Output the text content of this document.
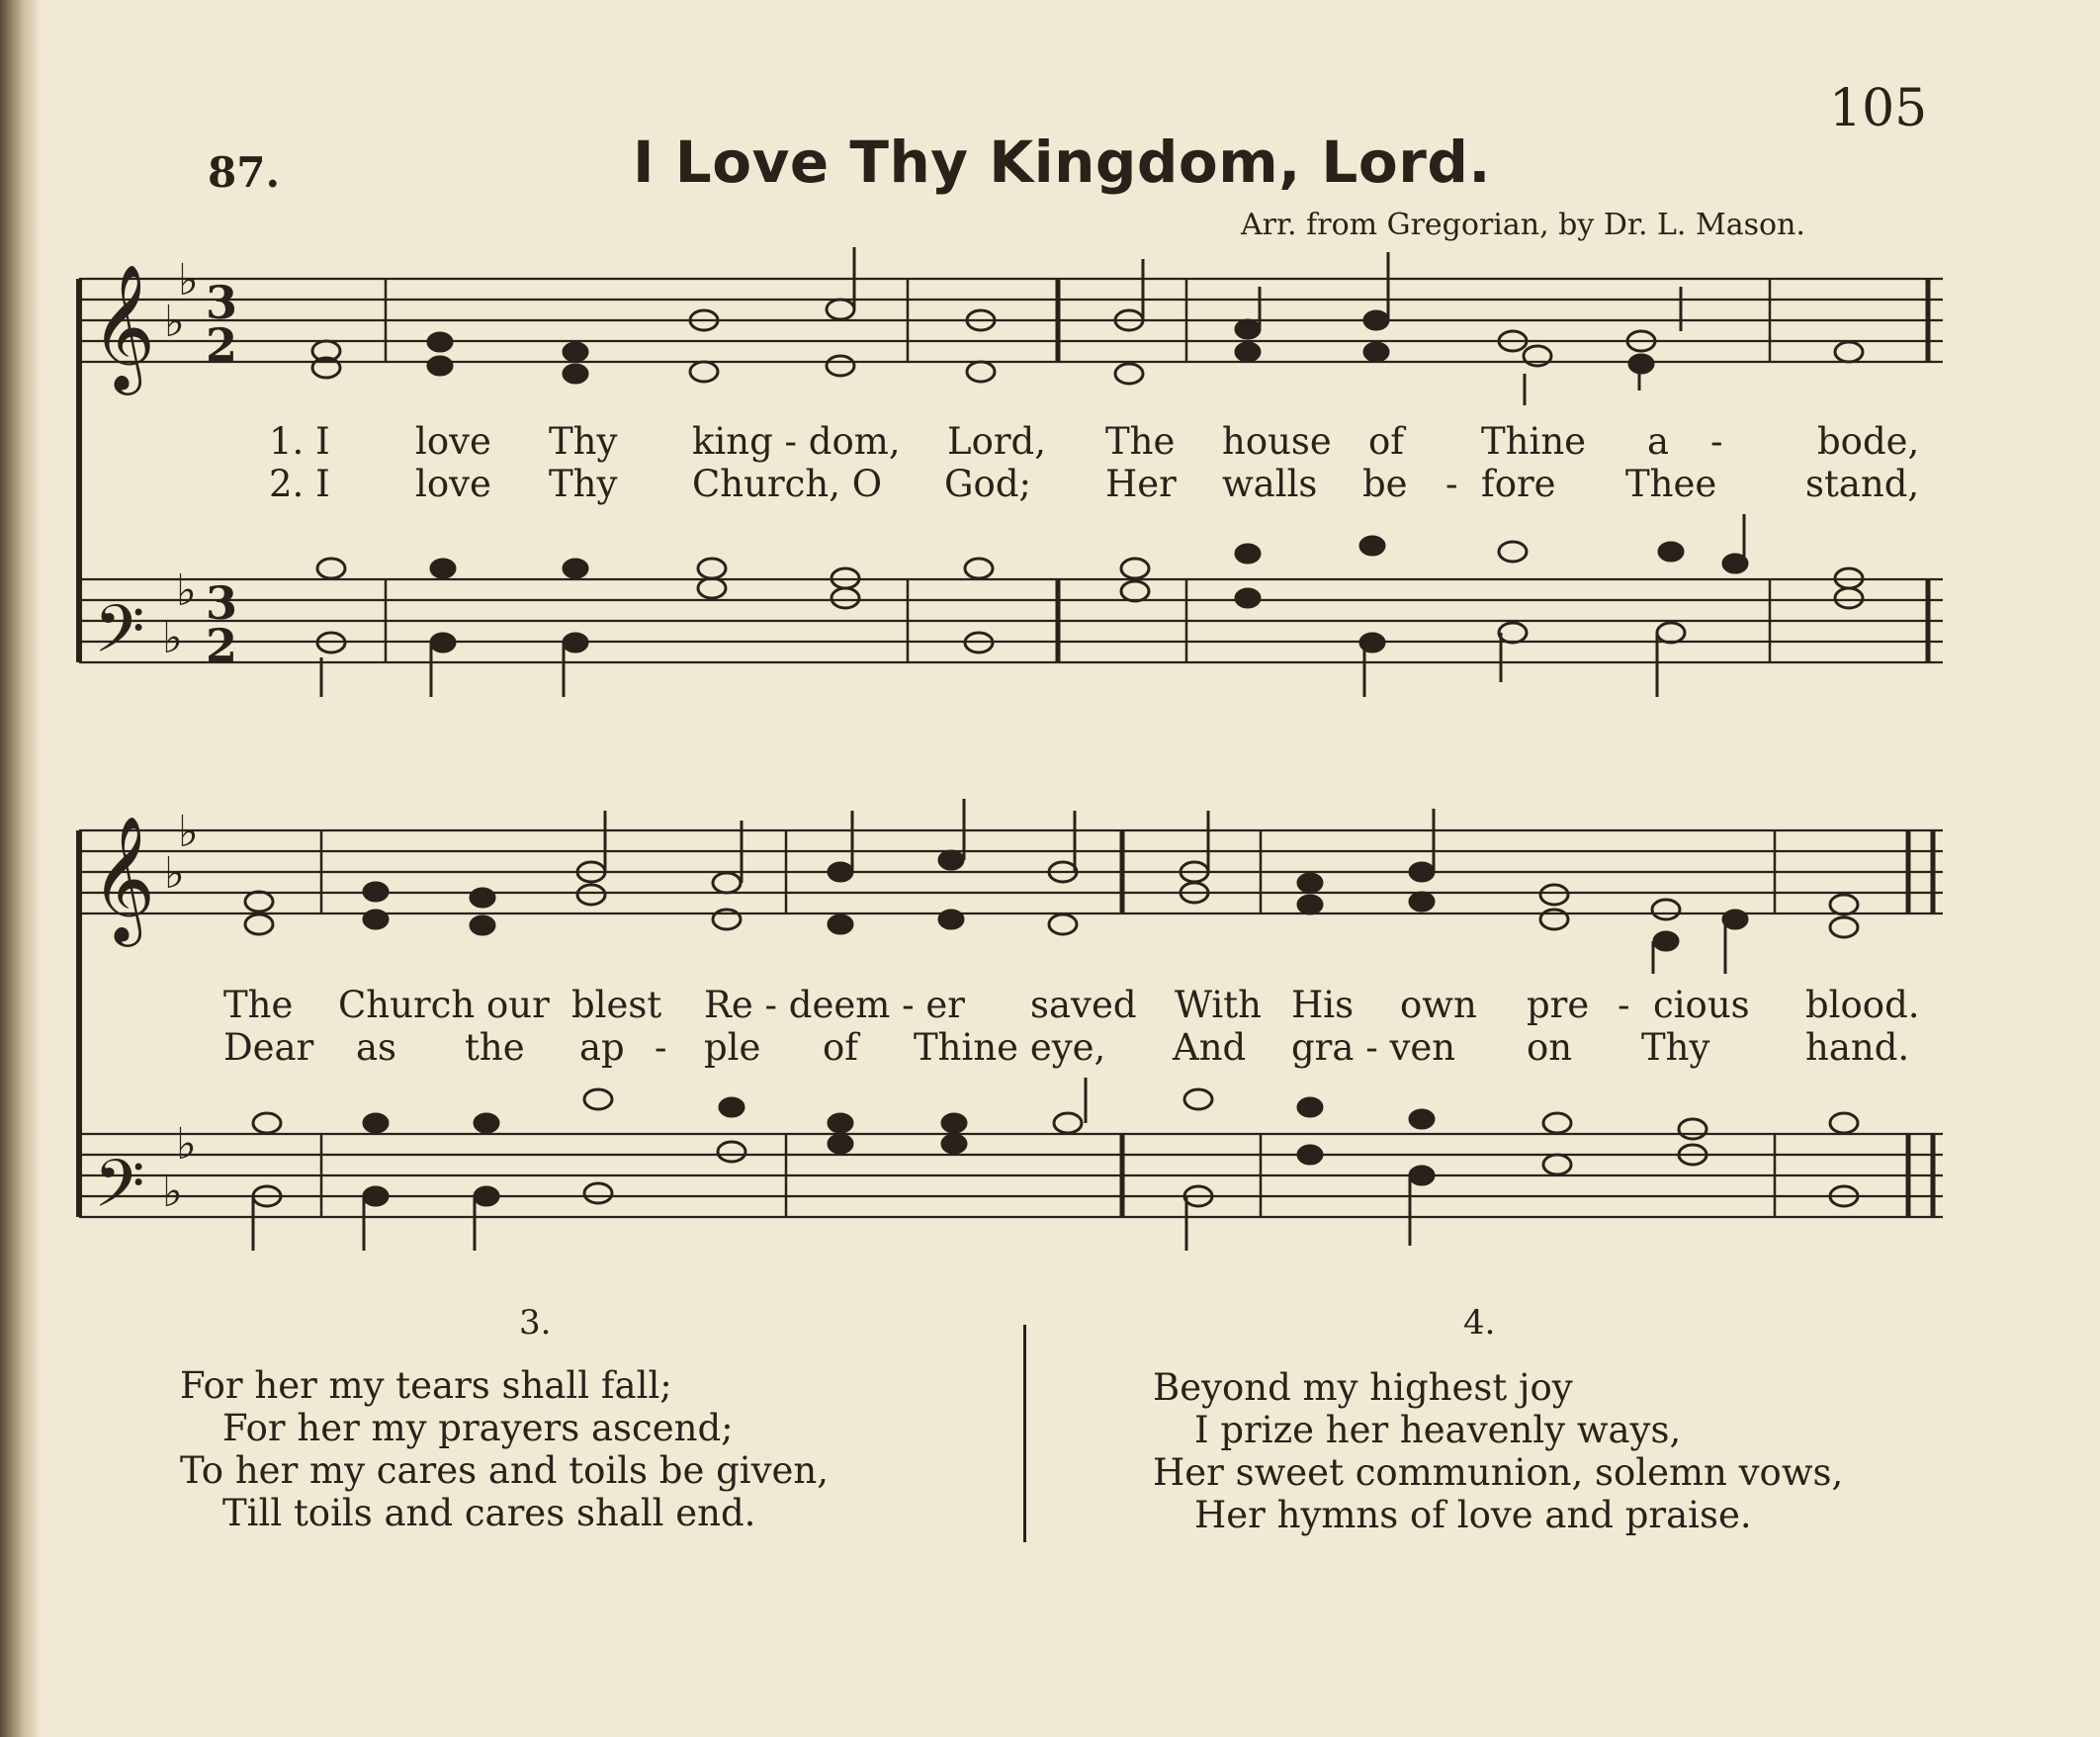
105
87.	I Love Thy Kingdom, Lord.
Arr. from Gregorian, by Dr. L. Mason.
𝄞
𝄢
𝄞
𝄢
♭
♭
♭
♭
♭
♭
♭
♭
3
2
3
2
1. I love Thy king - dom, Lord, The house of Thine a -	bode,
2. I love Thy Church, O God; Her walls be - fore Thee stand,
The Church our blest Re - deem - er saved With His own pre - cious blood.
Dear as the ap - ple of Thine eye, And gra - ven on Thy	hand.
3.
For her my tears shall fall;
For her my prayers ascend;
To her my cares and toils be given,
Till toils and cares shall end.
4.
Beyond my highest joy
I prize her heavenly ways,
Her sweet communion, solemn vows,
Her hymns of love and praise.
